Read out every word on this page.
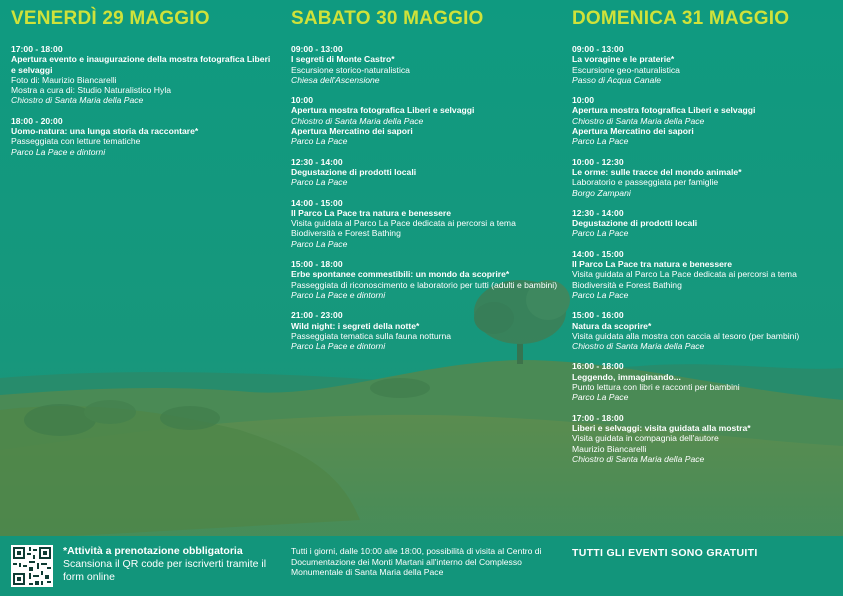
VENERDÌ 29 MAGGIO
17:00 - 18:00
Apertura evento e inaugurazione della mostra fotografica Liberi e selvaggi
Foto di: Maurizio Biancarelli
Mostra a cura di: Studio Naturalistico Hyla
Chiostro di Santa Maria della Pace
18:00 - 20:00
Uomo-natura: una lunga storia da raccontare*
Passeggiata con letture tematiche
Parco La Pace e dintorni
SABATO 30 MAGGIO
09:00 - 13:00
I segreti di Monte Castro*
Escursione storico-naturalistica
Chiesa dell'Ascensione
10:00
Apertura mostra fotografica Liberi e selvaggi
Chiostro di Santa Maria della Pace
Apertura Mercatino dei sapori
Parco La Pace
12:30 - 14:00
Degustazione di prodotti locali
Parco La Pace
14:00 - 15:00
Il Parco La Pace tra natura e benessere
Visita guidata al Parco La Pace dedicata ai percorsi a tema Biodiversità e Forest Bathing
Parco La Pace
15:00 - 18:00
Erbe spontanee commestibili: un mondo da scoprire*
Passeggiata di riconoscimento e laboratorio per tutti (adulti e bambini)
Parco La Pace e dintorni
21:00 - 23:00
Wild night: i segreti della notte*
Passeggiata tematica sulla fauna notturna
Parco La Pace e dintorni
DOMENICA 31 MAGGIO
09:00 - 13:00
La voragine e le praterie*
Escursione geo-naturalistica
Passo di Acqua Canale
10:00
Apertura mostra fotografica Liberi e selvaggi
Chiostro di Santa Maria della Pace
Apertura Mercatino dei sapori
Parco La Pace
10:00 - 12:30
Le orme: sulle tracce del mondo animale*
Laboratorio e passeggiata per famiglie
Borgo Zampani
12:30 - 14:00
Degustazione di prodotti locali
Parco La Pace
14:00 - 15:00
Il Parco La Pace tra natura e benessere
Visita guidata al Parco La Pace dedicata ai percorsi a tema Biodiversità e Forest Bathing
Parco La Pace
15:00 - 16:00
Natura da scoprire*
Visita guidata alla mostra con caccia al tesoro (per bambini)
Chiostro di Santa Maria della Pace
16:00 - 18:00
Leggendo, immaginando...
Punto lettura con libri e racconti per bambini
Parco La Pace
17:00 - 18:00
Liberi e selvaggi: visita guidata alla mostra*
Visita guidata in compagnia dell'autore
Maurizio Biancarelli
Chiostro di Santa Maria della Pace
*Attività a prenotazione obbligatoria
Scansiona il QR code per iscriverti tramite il form online
Tutti i giorni, dalle 10:00 alle 18:00, possibilità di visita al Centro di Documentazione dei Monti Martani all'interno del Complesso Monumentale di Santa Maria della Pace
TUTTI GLI EVENTI SONO GRATUITI
